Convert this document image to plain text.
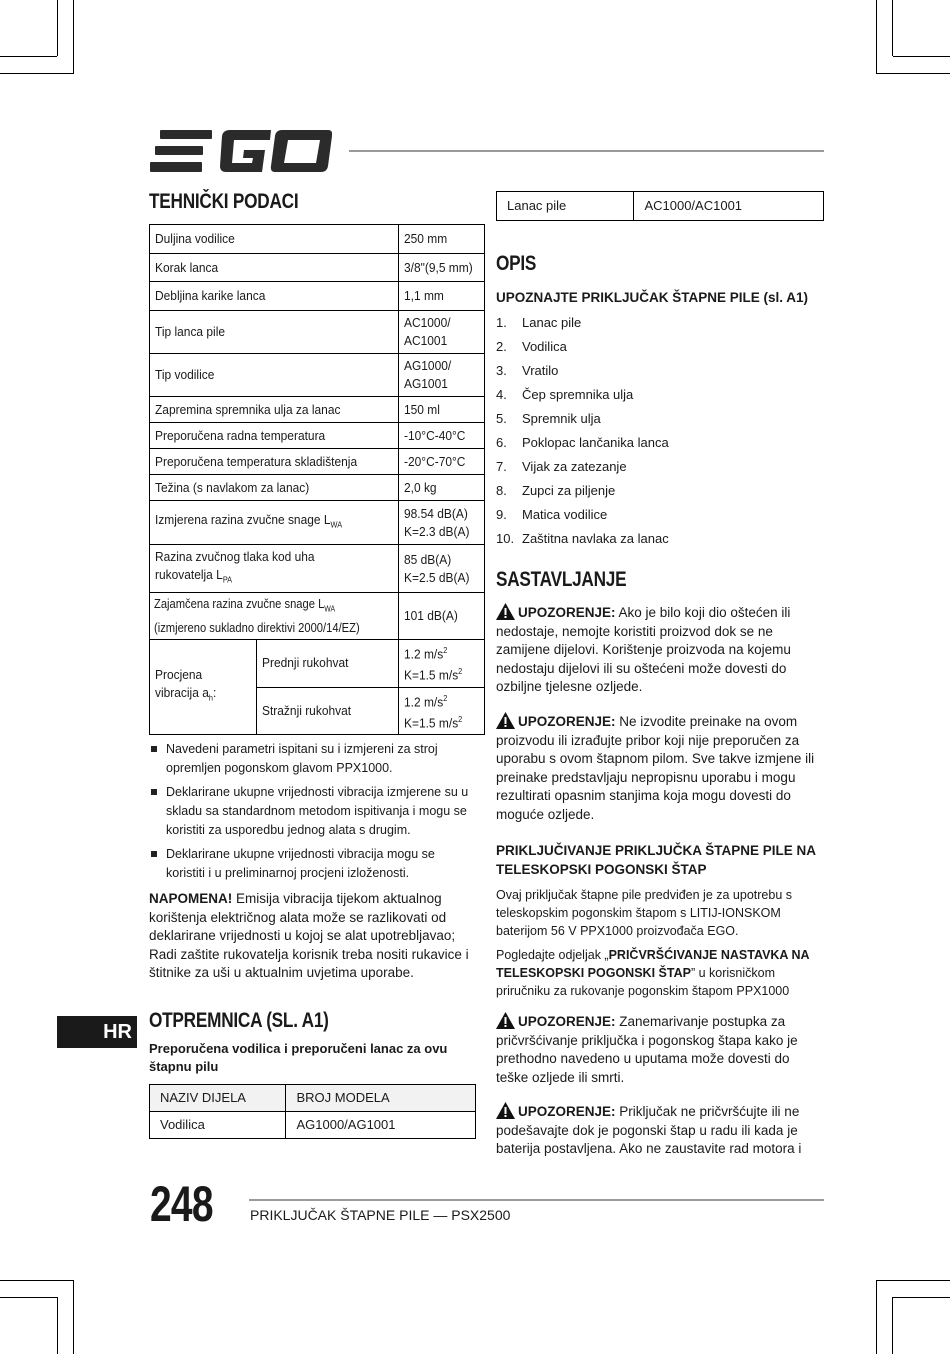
TEHNIČKI PODACI
Duljina vodilice		250 mm
Korak lanca		3/8"(9,5 mm)
Debljina karike lanca		1,1 mm
Tip lanca pile		AC1000/
AC1001
Tip vodilice		AG1000/
AG1001
Zapremina spremnika ulja za lanac		150 ml
Preporučena radna temperatura		-10°C-40°C
Preporučena temperatura skladištenja		-20°C-70°C
Težina (s navlakom za lanac)		2,0 kg
Izmjerena razina zvučne snage $L_{WA}$		98.54 dB(A)
K=2.3 dB(A)
Razina zvučnog tlaka kod uha
rukovatelja $L_{PA}$		85 dB(A)
K=2.5 dB(A)
Zajamčena razina zvučne snage $L_{WA}$
(izmjereno sukladno direktivi 2000/14/EZ)		101 dB(A)
Procjena
vibracija $a_h$:	Prednji rukohvat	1.2 $m/s^2$
K=1.5 $m/s^2$
	Stražnji rukohvat	1.2 $m/s^2$
K=1.5 $m/s^2$
Navedeni parametri ispitani su i izmjereni za stroj opremljen pogonskom glavom PPX1000.
Deklarirane ukupne vrijednosti vibracija izmjerene su u skladu sa standardnom metodom ispitivanja i mogu se koristiti za usporedbu jednog alata s drugim.
Deklarirane ukupne vrijednosti vibracija mogu se koristiti i u preliminarnoj procjeni izloženosti.
NAPOMENA! Emisija vibracija tijekom aktualnog korištenja električnog alata može se razlikovati od deklarirane vrijednosti u kojoj se alat upotrebljavao; Radi zaštite rukovatelja korisnik treba nositi rukavice i štitnike za uši u aktualnim uvjetima uporabe.
OTPREMNICA (SL. A1)
Preporučena vodilica i preporučeni lanac za ovu štapnu pilu
NAZIV DIJELA	BROJ MODELA
Vodilica	AG1000/AG1001
HR
Lanac pile	AC1000/AC1001
OPIS
UPOZNAJTE PRIKLJUČAK ŠTAPNE PILE (sl. A1)
1. Lanac pile
2. Vodilica
3. Vratilo
4. Čep spremnika ulja
5. Spremnik ulja
6. Poklopac lančanika lanca
7. Vijak za zatezanje
8. Zupci za piljenje
9. Matica vodilice
10. Zaštitna navlaka za lanac
SASTAVLJANJE
UPOZORENJE: Ako je bilo koji dio oštećen ili nedostaje, nemojte koristiti proizvod dok se ne zamijene dijelovi. Korištenje proizvoda na kojemu nedostaju dijelovi ili su oštećeni može dovesti do ozbiljne tjelesne ozljede.
UPOZORENJE: Ne izvodite preinake na ovom proizvodu ili izrađujte pribor koji nije preporučen za uporabu s ovom štapnom pilom. Sve takve izmjene ili preinake predstavljaju nepropisnu uporabu i mogu rezultirati opasnim stanjima koja mogu dovesti do moguće ozljede.
PRIKLJUČIVANJE PRIKLJUČKA ŠTAPNE PILE NA TELESKOPSKI POGONSKI ŠTAP
Ovaj priključak štapne pile predviđen je za upotrebu s teleskopskim pogonskim štapom s LITIJ-IONSKOM baterijom 56 V PPX1000 proizvođača EGO.
Pogledajte odjeljak „PRIČVRŠĆIVANJE NASTAVKA NA TELESKOPSKI POGONSKI ŠTAP” u korisničkom priručniku za rukovanje pogonskim štapom PPX1000
UPOZORENJE: Zanemarivanje postupka za pričvršćivanje priključka i pogonskog štapa kako je prethodno navedeno u uputama može dovesti do teške ozljede ili smrti.
UPOZORENJE: Priključak ne pričvršćujte ili ne podešavajte dok je pogonski štap u radu ili kada je baterija postavljena. Ako ne zaustavite rad motora i
248	PRIKLJUČAK ŠTAPNE PILE — PSX2500
